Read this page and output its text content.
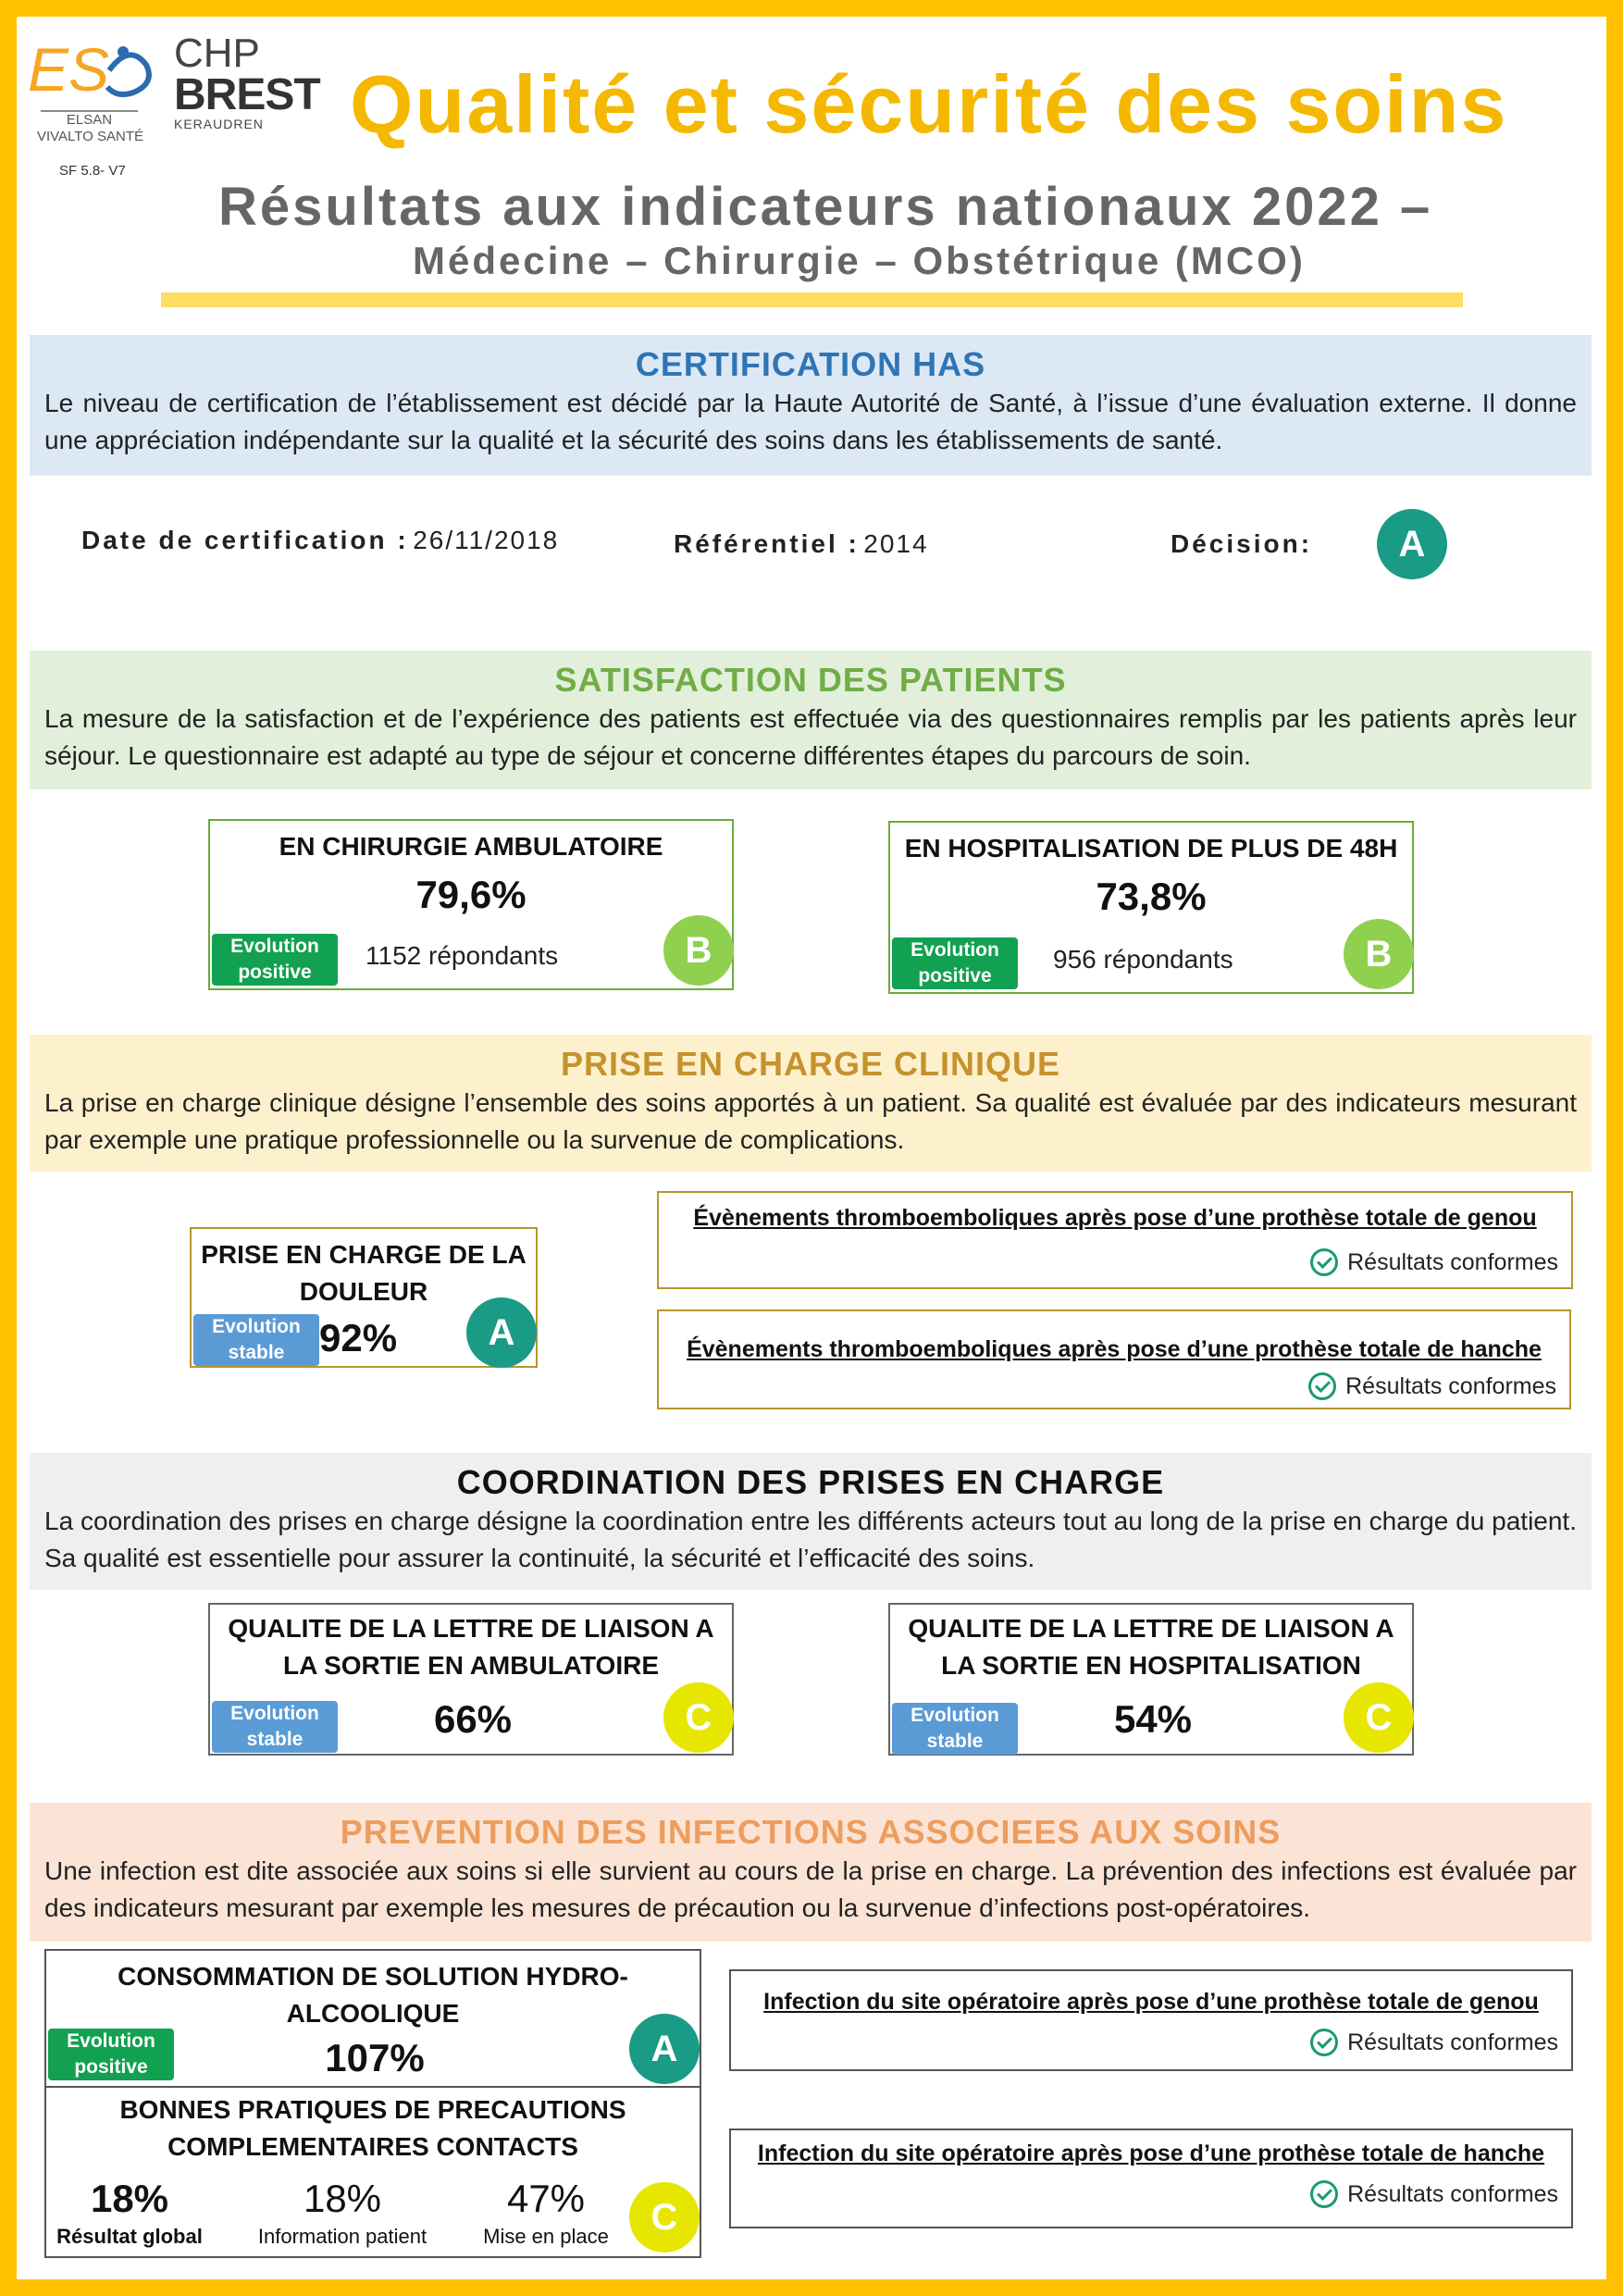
ES
ELSAN
VIVALTO SANTÉ
CHP
BREST
KERAUDREN
SF 5.8- V7
Qualité et sécurité des soins
Résultats aux indicateurs nationaux 2022 –
Médecine – Chirurgie – Obstétrique (MCO)
CERTIFICATION HAS
Le niveau de certification de l’établissement est décidé par la Haute Autorité de Santé, à l’issue d’une évaluation externe. Il donne une appréciation indépendante sur la qualité et la sécurité des soins dans les établissements de santé.
Date de certification : 26/11/2018	Référentiel : 2014	Décision:	A
SATISFACTION DES PATIENTS
La mesure de la satisfaction et de l’expérience des patients est effectuée via des questionnaires remplis par les patients après leur séjour. Le questionnaire est adapté au type de séjour et concerne différentes étapes du parcours de soin.
EN CHIRURGIE AMBULATOIRE
79,6%
Evolution
positive
1152 répondants	B
EN HOSPITALISATION DE PLUS DE 48H
73,8%
Evolution
positive
956 répondants	B
PRISE EN CHARGE CLINIQUE
La prise en charge clinique désigne l’ensemble des soins apportés à un patient. Sa qualité est évaluée par des indicateurs mesurant par exemple une pratique professionnelle ou la survenue de complications.
PRISE EN CHARGE DE LA
DOULEUR
Evolution
stable 92%	A
Évènements thromboemboliques après pose d’une prothèse totale de genou
Résultats conformes
Évènements thromboemboliques après pose d’une prothèse totale de hanche
Résultats conformes
COORDINATION DES PRISES EN CHARGE
La coordination des prises en charge désigne la coordination entre les différents acteurs tout au long de la prise en charge du patient. Sa qualité est essentielle pour assurer la continuité, la sécurité et l’efficacité des soins.
QUALITE DE LA LETTRE DE LIAISON A
LA SORTIE EN AMBULATOIRE
Evolution
stable	66%	C
QUALITE DE LA LETTRE DE LIAISON A
LA SORTIE EN HOSPITALISATION
Evolution
stable
54%	C
PREVENTION DES INFECTIONS ASSOCIEES AUX SOINS
Une infection est dite associée aux soins si elle survient au cours de la prise en charge. La prévention des infections est évaluée par des indicateurs mesurant par exemple les mesures de précaution ou la survenue d’infections post-opératoires.
CONSOMMATION DE SOLUTION HYDRO-
ALCOOLIQUE
Evolution
positive	107%	A
BONNES PRATIQUES DE PRECAUTIONS
COMPLEMENTAIRES CONTACTS
18%
Résultat global
18%
Information patient
47%
Mise en place	C
Infection du site opératoire après pose d’une prothèse totale de genou
Résultats conformes
Infection du site opératoire après pose d’une prothèse totale de hanche
Résultats conformes
